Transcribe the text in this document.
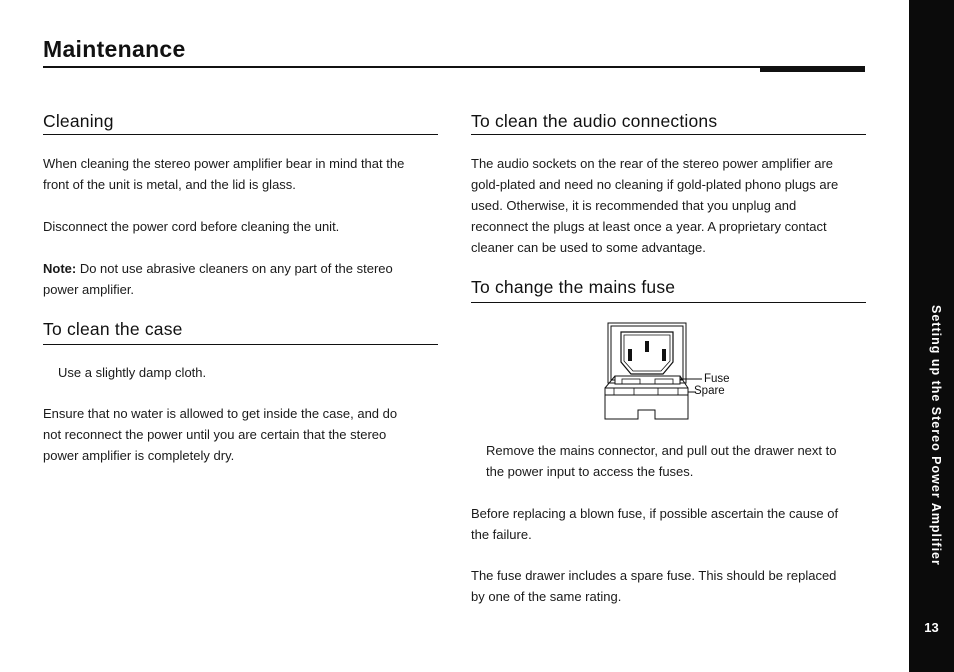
Maintenance
Cleaning

When cleaning the stereo power amplifier bear in mind that the
front of the unit is metal, and the lid is glass.

Disconnect the power cord before cleaning the unit.

Note: Do not use abrasive cleaners on any part of the stereo
power amplifier.

To clean the case

Use a slightly damp cloth.

Ensure that no water is allowed to get inside the case, and do
not reconnect the power until you are certain that the stereo
power amplifier is completely dry.

To clean the audio connections

The audio sockets on the rear of the stereo power amplifier are
gold-plated and need no cleaning if gold-plated phono plugs are
used. Otherwise, it is recommended that you unplug and
reconnect the plugs at least once a year. A proprietary contact
cleaner can be used to some advantage.

To change the mains fuse
Fuse
Spare

Remove the mains connector, and pull out the drawer next to
the power input to access the fuses.

Before replacing a blown fuse, if possible ascertain the cause of
the failure.

The fuse drawer includes a spare fuse. This should be replaced
by one of the same rating.

Setting up the Stereo Power Amplifier
13
